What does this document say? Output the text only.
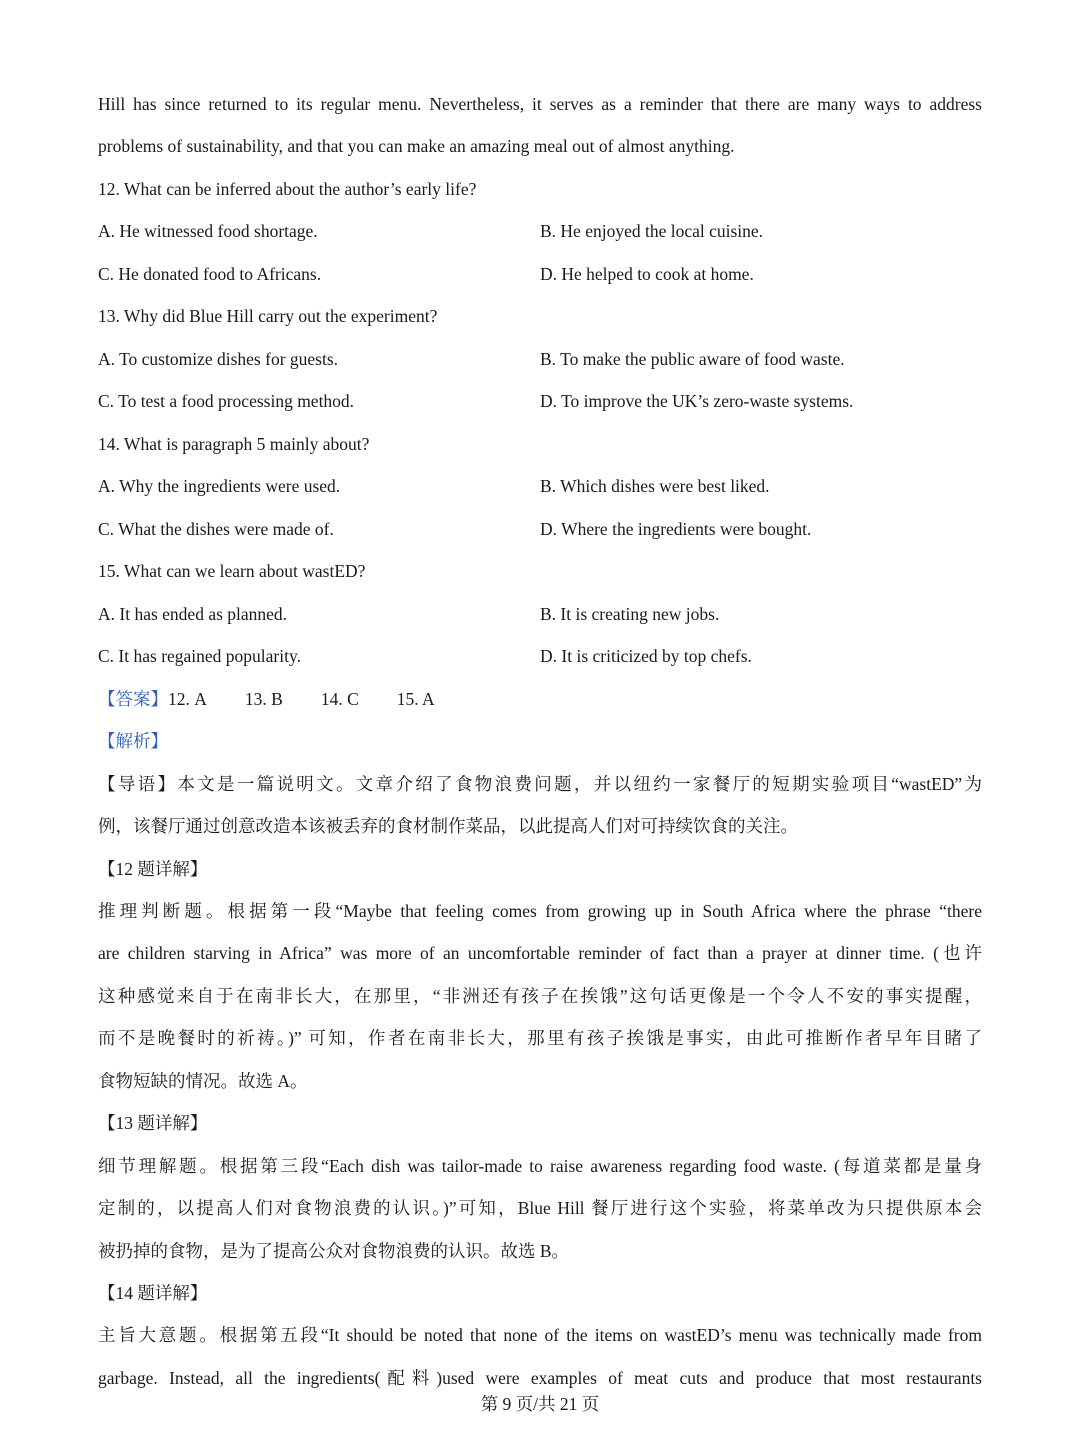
Hill has since returned to its regular menu. Nevertheless, it serves as a reminder that there are many ways to address
problems of sustainability, and that you can make an amazing meal out of almost anything.
12. What can be inferred about the author’s early life?
A. He witnessed food shortage.	B. He enjoyed the local cuisine.
C. He donated food to Africans.	D. He helped to cook at home.
13. Why did Blue Hill carry out the experiment?
A. To customize dishes for guests.	B. To make the public aware of food waste.
C. To test a food processing method.	D. To improve the UK’s zero-waste systems.
14. What is paragraph 5 mainly about?
A. Why the ingredients were used.	B. Which dishes were best liked.
C. What the dishes were made of.	D. Where the ingredients were bought.
15. What can we learn about wastED?
A. It has ended as planned.	B. It is creating new jobs.
C. It has regained popularity.	D. It is criticized by top chefs.
【答案】12. A 13. B 14. C 15. A
【解析】
【导语】本文是一篇说明文。文章介绍了食物浪费问题，并以纽约一家餐厅的短期实验项目“wastED”为
例，该餐厅通过创意改造本该被丢弃的食材制作菜品，以此提高人们对可持续饮食的关注。
【12 题详解】
推理判断题。根据第一段“Maybe that feeling comes from growing up in South Africa where the phrase “there
are children starving in Africa” was more of an uncomfortable reminder of fact than a prayer at dinner time. (也许
这种感觉来自于在南非长大，在那里，“非洲还有孩子在挨饿”这句话更像是一个令人不安的事实提醒，
而不是晚餐时的祈祷。)” 可知，作者在南非长大，那里有孩子挨饿是事实，由此可推断作者早年目睹了
食物短缺的情况。故选 A。
【13 题详解】
细节理解题。根据第三段“Each dish was tailor-made to raise awareness regarding food waste. (每道菜都是量身
定制的，以提高人们对食物浪费的认识。)”可知，Blue Hill 餐厅进行这个实验，将菜单改为只提供原本会
被扔掉的食物，是为了提高公众对食物浪费的认识。故选 B。
【14 题详解】
主旨大意题。根据第五段“It should be noted that none of the items on wastED’s menu was technically made from
garbage. Instead, all the ingredients(配料)used were examples of meat cuts and produce that most restaurants
第 9 页/共 21 页
